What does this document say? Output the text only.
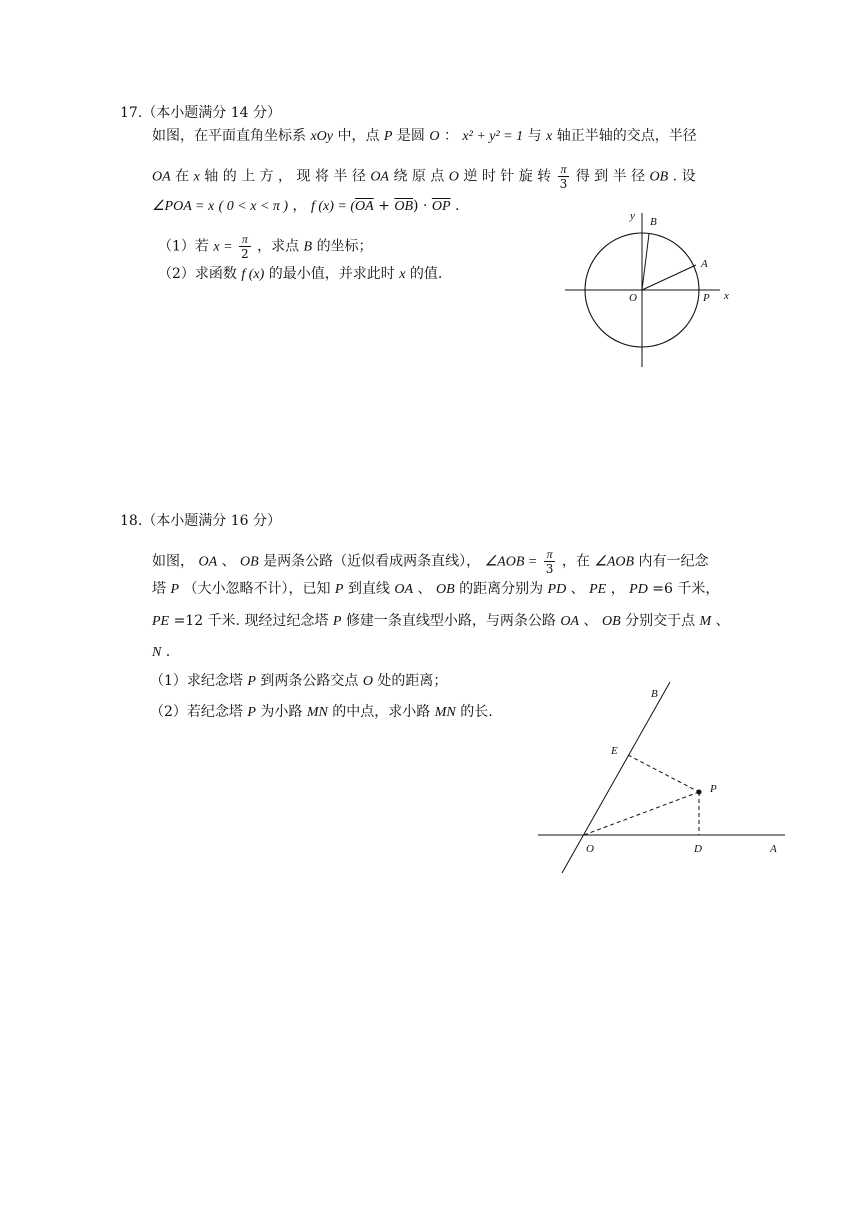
17.（本小题满分 14 分）
如图，在平面直角坐标系 xOy 中，点 P 是圆 O ： x² + y² = 1 与 x 轴正半轴的交点，半径
OA 在 x 轴 的 上 方 ， 现 将 半 径 OA 绕 原 点 O 逆 时 针 旋 转 $\frac{\pi}{3}$ 得 到 半 径 OB . 设
∠POA = x ( 0 < x < π ) ， f $(x) = (\overline{OA} + \overline{OB}) \cdot \overline{OP}$ .
（1）若 $x = \frac{\pi}{2}$ ，求点 B 的坐标；
（2）求函数 f (x) 的最小值，并求此时 x 的值.
y B
A
O	P x
18.（本小题满分 16 分）
如图， OA 、 OB 是两条公路（近似看成两条直线）， ∠AOB = $\frac{\pi}{3}$ ，在 ∠AOB 内有一纪念
塔 P （大小忽略不计），已知 P 到直线 OA 、 OB 的距离分别为 PD 、 PE ， PD =6 千米，
PE =12 千米. 现经过纪念塔 P 修建一条直线型小路，与两条公路 OA 、 OB 分别交于点 M 、
N .
（1）求纪念塔 P 到两条公路交点 O 处的距离；
（2）若纪念塔 P 为小路 MN 的中点，求小路 MN 的长.
B
E
P
O	D	A
